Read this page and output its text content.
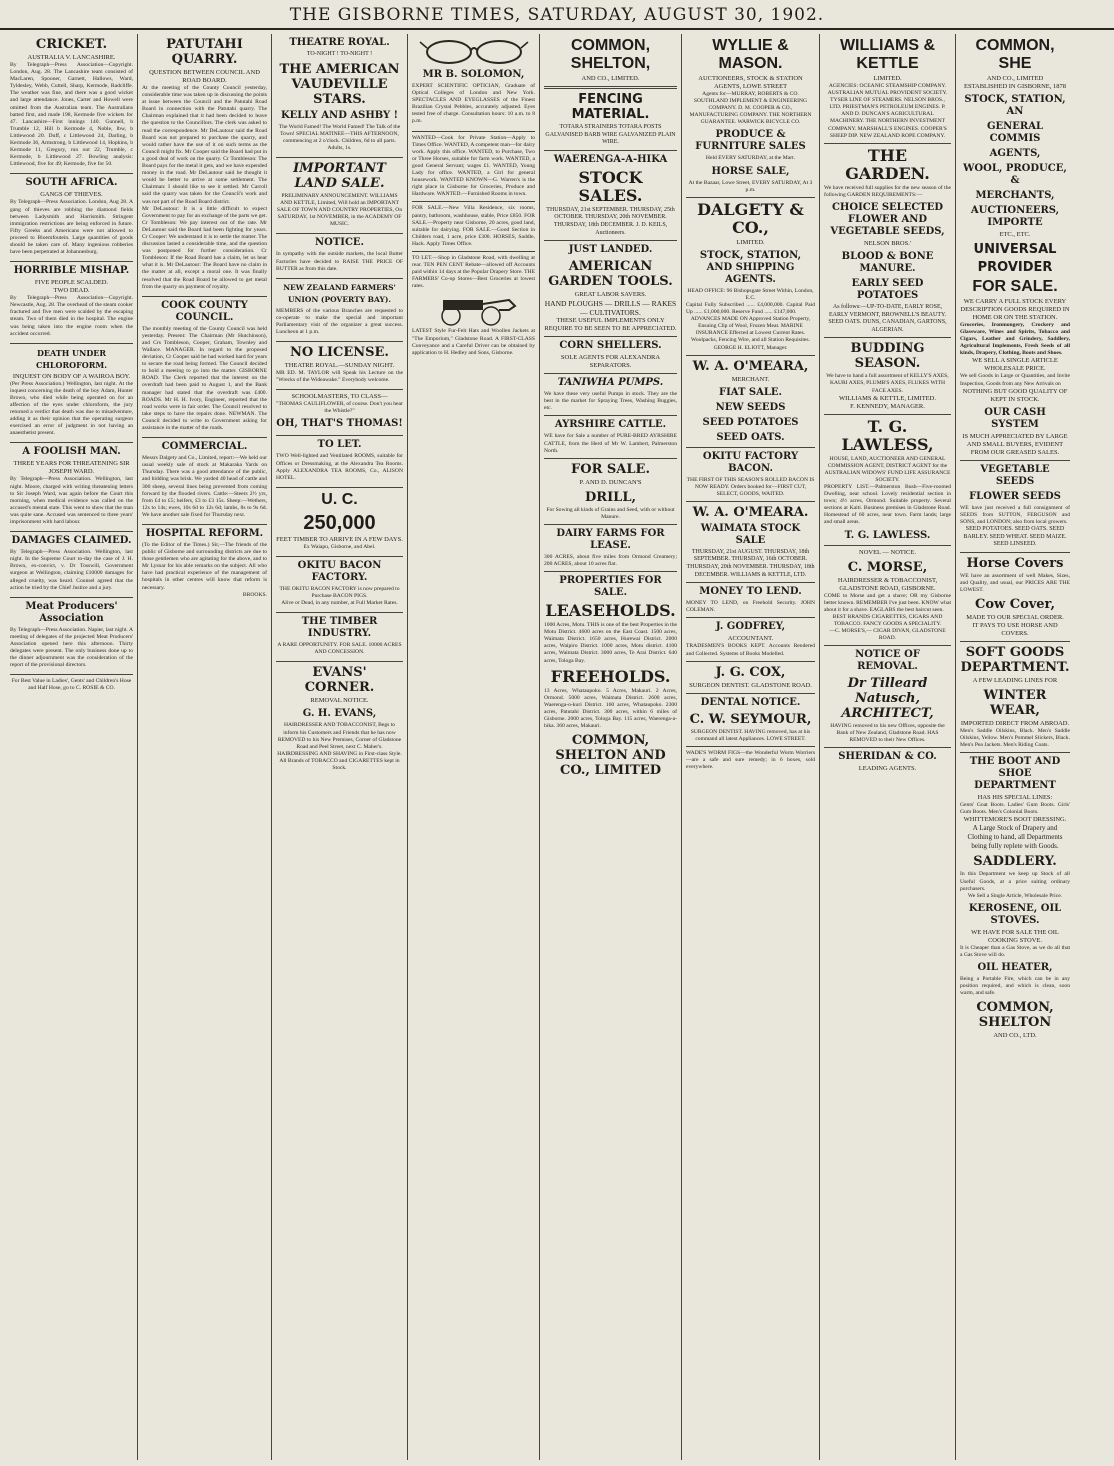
THE GISBORNE TIMES, SATURDAY, AUGUST 30, 1902.
CRICKET.
AUSTRALIA V. LANCASHIRE.
By Telegraph—Press Association—Copyright. London, Aug. 28. The Lancashire team consisted of MacLaren, Spooner, Garnett, Hallows, Ward, Tyldesley, Webb, Cuttell, Sharp, Kermode, Radcliffe. The weather was fine, and there was a good wicket and large attendance. Jones, Carter and Howell were omitted from the Australian team. The Australians batted first, and made 198, Kermode five wickets for 47. Lancashire—First innings 140. Gunnell, b Trumble 12, Hill b Kermode 4, Noble, lbw, b Littlewood 20. Duff, c Littlewood 24, Darling, b Kermode 36, Armstrong, b Littlewood 14, Hopkins, b Kermode 11, Gregory, run out 22, Trumble, c Kermode, b Littlewood 27. Bowling analysis: Littlewood, five for 49; Kermode, five for 50.
SOUTH AFRICA.
GANGS OF THIEVES.
By Telegraph—Press Association. London, Aug 28. A gang of thieves are robbing the diamond fields between Ladysmith and Harrismith. Stringent immigration restrictions are being enforced in future. Fifty Greeks and Americans were not allowed to proceed to Bloemfoutein. Large quantities of goods should be taken care of. Many ingenious robberies have been perpetrated at Johannesburg.
HORRIBLE MISHAP.
FIVE PEOPLE SCALDED.
TWO DEAD.
By Telegraph—Press Association—Copyright. Newcastle, Aug. 28. The overhead of the steam cooker fractured and five men were scalded by the escaping steam. Two of them died in the hospital. The engine was being taken into the engine room when the accident occurred.
DEATH UNDER CHLOROFORM.
INQUEST ON BODY OF A WAIROA BOY.
(Per Press Association.) Wellington, last night. At the inquest concerning the death of the boy Adam, Hunter Brown, who died while being operated on for an affection of the eyes under chloroform, the jury returned a verdict that death was due to misadventure, adding it as their opinion that the operating surgeon exercised an error of judgment in not having an anaesthetist present.
A FOOLISH MAN.
THREE YEARS FOR THREATENING SIR JOSEPH WARD.
By Telegraph—Press Association. Wellington, last night. Moore, charged with writing threatening letters to Sir Joseph Ward, was again before the Court this morning, when medical evidence was called on the accused's mental state. This went to show that the man was quite sane. Accused was sentenced to three years' imprisonment with hard labour.
DAMAGES CLAIMED.
By Telegraph—Press Association. Wellington, last night. In the Supreme Court to-day the case of J. H. Brown, ex-convict, v. Dr Tosswill, Government surgeon at Wellington, claiming £10000 damages for alleged cruelty, was heard. Counsel agreed that the action be tried by the Chief Justice and a jury.
Meat Producers' Association
By Telegraph—Press Association. Napier, last night. A meeting of delegates of the projected Meat Producers' Association opened here this afternoon. Thirty delegates were present. The only business done up to the dinner adjournment was the consideration of the report of the provisional directors.
For Best Value in Ladies', Gents' and Children's Hose and Half Hose, go to C. ROSIE & CO.
PATUTAHI QUARRY.
QUESTION BETWEEN COUNCIL AND ROAD BOARD.
At the meeting of the County Council yesterday, considerable time was taken up in discussing the points at issue between the Council and the Patutahi Road Board in connection with the Patutahi quarry. The Chairman explained that it had been decided to leave the question to the Councillors. The clerk was asked to read the correspondence. Mr DeLautour said the Road Board was not prepared to purchase the quarry, and would rather have the use of it on such terms as the Council might fix. Mr Cooper said the Board had put in a good deal of work on the quarry. Cr Tombleson: The Board pays for the metal it gets, and we have expended money in the road. Mr DeLautour said he thought it would be better to arrive at some settlement. The Chairman: I should like to see it settled. Mr Carroll said the quarry was taken for the Council's work and was not part of the Road Board district.
Mr DeLautour: It is a little difficult to expect Government to pay for an exchange of the parts we get. Cr Tombleson: We pay interest out of the rate. Mr DeLautour said the Board had been fighting for years. Cr Cooper: We understand it is to settle the matter. The discussion lasted a considerable time, and the question was postponed for further consideration. Cr Tombleson: If the Road Board has a claim, let us hear what it is. Mr DeLautour: The Board have no claim in the matter at all, except a moral one. It was finally resolved that the Road Board be allowed to get metal from the quarry on payment of royalty.
COOK COUNTY COUNCIL.
The monthly meeting of the County Council was held yesterday. Present: The Chairman (Mr Hutchinson), and Crs Tombleson, Cooper, Graham, Townley and Wallace. MANAGER. In regard to the proposed deviation, Cr Cooper said he had worked hard for years to secure the road being formed. The Council decided to hold a meeting to go into the matter. GISBORNE ROAD. The Clerk reported that the interest on the overdraft had been paid to August 1, and the Bank manager had stated that the overdraft was £400. ROADS. Mr H. H. Ivory, Engineer, reported that the road works were in fair order. The Council resolved to take steps to have the repairs done. NEWMAN. The Council decided to write to Government asking for assistance in the matter of the roads.
COMMERCIAL.
Messrs Dalgety and Co., Limited, report:—We held our usual weekly sale of stock at Makaraka Yards on Thursday. There was a good attendance of the public, and bidding was brisk. We yarded 40 head of cattle and 300 sheep, several lines being prevented from coming forward by the flooded rivers. Cattle:—Steers 2½ yrs, from £4 to £5; heifers, £3 to £3 15s. Sheep:—Wethers, 12s to 14s; ewes, 10s 6d to 12s 6d; lambs, 8s to 9s 6d. We have another sale fixed for Thursday next.
HOSPITAL REFORM.
(To the Editor of the Times.) Sir,—The friends of the public of Gisborne and surrounding districts are due to those gentlemen who are agitating for the above, and to Mr Lysnar for his able remarks on the subject. All who have had practical experience of the management of hospitals in other centres will know that reform is necessary.
BROOKS.
THEATRE ROYAL.
TO-NIGHT ! TO-NIGHT !
THE AMERICAN VAUDEVILLE STARS.
KELLY AND ASHBY !
The World Famed! The World Famed! The Talk of the Town! SPECIAL MATINEE—THIS AFTERNOON, commencing at 2 o'clock. Children, 6d to all parts. Adults, 1s.
IMPORTANT LAND SALE.
PRELIMINARY ANNOUNCEMENT. WILLIAMS AND KETTLE, Limited, Will hold an IMPORTANT SALE OF TOWN AND COUNTRY PROPERTIES, On SATURDAY, 1st NOVEMBER, in the ACADEMY OF MUSIC.
NOTICE.
In sympathy with the outside markets, the local Butter Factories have decided to RAISE THE PRICE OF BUTTER as from this date.
NEW ZEALAND FARMERS' UNION (POVERTY BAY).
MEMBERS of the various Branches are requested to co-operate to make the special and important Parliamentary visit of the organizer a great success. Luncheon at 1 p.m.
NO LICENSE.
THEATRE ROYAL.—SUNDAY NIGHT.
MR ED. M. TAYLOR will Speak his Lecture on the "Wrecks of the Wideawake." Everybody welcome.
SCHOOLMASTERS, TO CLASS—
"THOMAS CAULIFLOWER, of course. Don't you hear the Whistle?"
OH, THAT'S THOMAS!
TO LET.
TWO Well-lighted and Ventilated ROOMS, suitable for Offices or Dressmaking, at the Alexandra Tea Rooms. Apply ALEXANDRA TEA ROOMS, Co., ALISON HOTEL.
U. C.
250,000
FEET TIMBER TO ARRIVE IN A FEW DAYS.
Ex Waiapu, Gisborne, and Abel.
OKITU BACON FACTORY.
THE OKITU BACON FACTORY is now prepared to Purchase BACON PIGS.
Alive or Dead, in any number, at Full Market Rates.
THE TIMBER INDUSTRY.
A RARE OPPORTUNITY. FOR SALE. 10000 ACRES AND CONCESSION.
EVANS' CORNER.
REMOVAL NOTICE.
G. H. EVANS,
HAIRDRESSER AND TOBACCONIST, Begs to inform his Customers and Friends that he has now REMOVED to his New Premises, Corner of Gladstone Road and Peel Street, next C. Maher's. HAIRDRESSING AND SHAVING in First-class Style. All Brands of TOBACCO and CIGARETTES kept in Stock.
MR B. SOLOMON,
EXPERT SCIENTIFIC OPTICIAN, Graduate of Optical Colleges of London and New York. SPECTACLES AND EYEGLASSES of the Finest Brazilian Crystal Pebbles, accurately adjusted. Eyes tested free of charge. Consultation hours: 10 a.m. to 8 p.m.
WANTED—Cook for Private Station—Apply to Times Office. WANTED, A competent man—for dairy work. Apply this office. WANTED, to Purchase, Two or Three Horses, suitable for farm work. WANTED, a good General Servant; wages £1. WANTED, Young Lady for office. WANTED, a Girl for general housework. WANTED KNOWN—G. Warren's is the right place in Gisborne for Groceries, Produce and Hardware. WANTED.—Furnished Rooms in town.
FOR SALE.—New Villa Residence, six rooms, pantry, bathroom, washhouse, stable, Price £850. FOR SALE.—Property near Gisborne, 20 acres, good land, suitable for dairying. FOR SALE.—Good Section in Childers road, 1 acre, price £300. HORSES, Saddle, Hack. Apply Times Office.
TO LET.—Shop in Gladstone Road, with dwelling at rear. TEN PEN CENT Rebate—allowed off Accounts paid within 14 days at the Popular Drapery Store. THE FARMERS' Co-op Stores—Best Groceries at lowest rates.
LATEST Style Fur-Felt Hats and Woollen Jackets at "The Emporium," Gladstone Road. A FIRST-CLASS Conveyance and a Careful Driver can be obtained by application to H. Hedley and Sons, Gisborne.
COMMON, SHELTON,
AND CO., LIMITED.
FENCING MATERIAL.
TOTARA STRAINERS TOTARA POSTS GALVANISED BARB WIRE GALVANIZED PLAIN WIRE.
WAERENGA-A-HIKA
STOCK SALES.
THURSDAY, 21st SEPTEMBER. THURSDAY, 25th OCTOBER. THURSDAY, 20th NOVEMBER. THURSDAY, 18th DECEMBER. J. D. KEILS, Auctioneers.
JUST LANDED.
AMERICAN GARDEN TOOLS.
GREAT LABOR SAVERS.
HAND PLOUGHS — DRILLS — RAKES — CULTIVATORS.
THESE USEFUL IMPLEMENTS ONLY REQUIRE TO BE SEEN TO BE APPRECIATED.
CORN SHELLERS.
SOLE AGENTS FOR ALEXANDRA SEPARATORS.
TANIWHA PUMPS.
We have these very useful Pumps in stock. They are the best in the market for Spraying Trees, Washing Buggies, etc.
AYRSHIRE CATTLE.
WE have for Sale a number of PURE-BRED AYRSHIRE CATTLE, from the Herd of Mr W. Lambert, Palmerston North.
FOR SALE.
P. AND D. DUNCAN'S
DRILL,
For Sowing all kinds of Grains and Seed, with or without Manure.
DAIRY FARMS FOR LEASE.
300 ACRES, about five miles from Ormond Creamery; 200 ACRES, about 10 acres flat.
PROPERTIES FOR SALE.
LEASEHOLDS.
1000 Acres, Motu. THIS is one of the best Properties in the Motu District. 4600 acres on the East Coast. 1500 acres, Waimata District. 1650 acres, Hurewai District. 2000 acres, Waipiro District. 1000 acres, Motu district. 4100 acres, Waimata District. 3000 acres, Te Arai District. 640 acres, Tologa Bay.
FREEHOLDS.
13 Acres, Whataupoko. 5 Acres, Makauri. 2 Acres, Ormond. 5000 acres, Waimata District. 2600 acres, Waerenga-o-kuri District. 160 acres, Whataupoko. 2300 acres, Patutahi District. 300 acres, within 6 miles of Gisborne. 2000 acres, Tologa Bay. 115 acres, Waerenga-a-hika. 360 acres, Makauri.
COMMON, SHELTON AND CO., LIMITED
WYLLIE & MASON.
AUCTIONEERS, STOCK & STATION AGENTS, LOWE STREET
Agents for—MURRAY, ROBERTS & CO. SOUTHLAND IMPLEMENT & ENGINEERING COMPANY. D. M. COOPER & CO., MANUFACTURING COMPANY. THE NORTHERN GUARANTEE. WARWICK BICYCLE CO.
PRODUCE & FURNITURE SALES
Held EVERY SATURDAY, at the Mart.
HORSE SALE,
At the Bazaar, Lowe Street, EVERY SATURDAY, At 3 p.m.
DALGETY & CO.,
LIMITED.
STOCK, STATION, AND SHIPPING AGENTS.
HEAD OFFICE: 96 Bishopsgate Street Within, London, E.C.
Capital Fully Subscribed ...... £4,000,000. Capital Paid Up ...... £1,000,000. Reserve Fund ...... £147,000.
ADVANCES MADE ON Approved Station Property, Ensuing Clip of Wool, Frozen Meat. MARINE INSURANCE Effected at Lowest Current Rates.
Woolpacks, Fencing Wire, and all Station Requisites.
GEORGE H. ELIOTT, Manager.
W. A. O'MEARA,
MERCHANT.
FIAT SALE.
NEW SEEDS
SEED POTATOES
SEED OATS.
OKITU FACTORY BACON.
THE FIRST OF THIS SEASON'S ROLLED BACON IS NOW READY. Orders booked for—FIRST CUT, SELECT, GOODS, WAITED.
W. A. O'MEARA.
WAIMATA STOCK SALE
THURSDAY, 21st AUGUST. THURSDAY, 18th SEPTEMBER. THURSDAY, 16th OCTOBER. THURSDAY, 20th NOVEMBER. THURSDAY, 18th DECEMBER. WILLIAMS & KETTLE, LTD.
MONEY TO LEND.
MONEY TO LEND, on Freehold Security. JOHN COLEMAN.
J. GODFREY,
ACCOUNTANT.
TRADESMEN'S BOOKS KEPT. Accounts Rendered and Collected. Systems of Books Modelled.
J. G. COX,
SURGEON DENTIST. GLADSTONE ROAD.
DENTAL NOTICE.
C. W. SEYMOUR,
SURGEON DENTIST. HAVING removed, has at his command all latest Appliances. LOWE STREET.
WADE'S WORM FIGS—the Wonderful Worm Worriers—are a safe and sure remedy; in 6 boxes, sold everywhere.
WILLIAMS & KETTLE
LIMITED.
AGENCIES: OCEANIC STEAMSHIP COMPANY. AUSTRALIAN MUTUAL PROVIDENT SOCIETY. TYSER LINE OF STEAMERS. NELSON BROS., LTD. PRIESTMAN'S PETROLEUM ENGINES. P. AND D. DUNCAN'S AGRICULTURAL MACHINERY. THE NORTHERN INVESTMENT COMPANY. MARSHALL'S ENGINES. COOPER'S SHEEP DIP. NEW ZEALAND ROPE COMPANY.
THE GARDEN.
We have received full supplies for the new season of the following GARDEN REQUIREMENTS:—
CHOICE SELECTED FLOWER AND VEGETABLE SEEDS,
NELSON BROS.'
BLOOD & BONE MANURE.
EARLY SEED POTATOES
As follows:—UP-TO-DATE, EARLY ROSE, EARLY VERMONT, BROWNELL'S BEAUTY. SEED OATS. DUNS, CANADIAN, GARTONS, ALGERIAN.
BUDDING SEASON.
We have to hand a full assortment of KELLY'S AXES, KAURI AXES, PLUMB'S AXES, FLUKES WITH FACE AXES.
WILLIAMS & KETTLE, LIMITED.
F. KENNEDY, MANAGER.
T. G. LAWLESS,
HOUSE, LAND, AUCTIONEER AND GENERAL COMMISSION AGENT, DISTRICT AGENT for the AUSTRALIAN WIDOWS' FUND LIFE ASSURANCE SOCIETY.
PROPERTY LIST.—Palmerston Bush—Five-roomed Dwelling, near school. Lovely residential section in town; 4½ acres, Ormond. Suitable property. Several sections at Kaiti. Business premises in Gladstone Road. Homestead of 60 acres, near town. Farm lands; large and small areas.
T. G. LAWLESS.
NOVEL — NOTICE.
C. MORSE,
HAIRDRESSER & TOBACCONIST, GLADSTONE ROAD, GISBORNE.
COME to Morse and get a shave; OR my Gisborne better known. REMEMBER I've just been. KNOW what about it for a shave. EAGLABS the best haircut seen.
BEST BRANDS CIGARETTES, CIGARS AND TOBACCO. FANCY GOODS A SPECIALITY.
—C. MORSE'S,— CIGAR DIVAN, GLADSTONE ROAD.
NOTICE OF REMOVAL.
Dr Tilleard Natusch, ARCHITECT,
HAVING removed to his new Offices, opposite the Bank of New Zealand, Gladstone Road. HAS REMOVED to their New Offices.
SHERIDAN & CO.
LEADING AGENTS.
COMMON, SHE
AND CO., LIMITED
ESTABLISHED IN GISBORNE, 1878
STOCK, STATION, AN
GENERAL COMMIS
AGENTS,
WOOL, PRODUCE, &
MERCHANTS,
AUCTIONEERS, IMPORTE
ETC., ETC.
UNIVERSAL
PROVIDER
FOR SALE.
WE CARRY A FULL STOCK EVERY DESCRIPTION GOODS REQUIRED IN HOME OR ON THE STATION.
Groceries, Ironmongery, Crockery and Glassware, Wines and Spirits, Tobacco and Cigars, Leather and Grindery, Saddlery, Agricultural Implements, Fresh Seeds of all kinds, Drapery, Clothing, Boots and Shoes.
WE SELL A SINGLE ARTICLE WHOLESALE PRICE.
We sell Goods in Large or Quantities, and Invite Inspection, Goods from any New Arrivals on
NOTHING BUT GOOD QUALITY OF KEPT IN STOCK.
OUR CASH SYSTEM
IS MUCH APPRECIATED BY LARGE AND SMALL BUYERS, EVIDENT FROM OUR GREASED SALES.
VEGETABLE SEEDS
FLOWER SEEDS
WE have just received a full consignment of SEEDS from SUTTON, FERGUSON and SONS, and LONDON; also from local growers.
SEED POTATOES. SEED OATS. SEED BARLEY. SEED WHEAT. SEED MAIZE. SEED LINSEED.
Horse Covers
WE have an assortment of well Makes, Sizes, and Quality, and usual, our PRICES ARE THE LOWEST.
Cow Cover,
MADE TO OUR SPECIAL ORDER.
IT PAYS TO USE HORSE AND COVERS.
SOFT GOODS DEPARTMENT.
A FEW LEADING LINES FOR
WINTER WEAR,
IMPORTED DIRECT FROM ABROAD.
Men's Saddle Oilskins, Black. Men's Saddle Oilskins, Yellow. Men's Pommel Slickers, Black. Men's Pea Jackets. Men's Riding Coats.
THE BOOT AND SHOE DEPARTMENT
HAS HIS SPECIAL LINES:
Gents' Goat Boots. Ladies' Gum Boots. Girls' Gum Boots. Men's Colonial Boots.
WHITTEMORE'S BOOT DRESSING.
A Large Stock of Drapery and Clothing to hand, all Departments being fully replete with Goods.
SADDLERY.
In this Department we keep up Stock of all Useful Goods, at a price suiting ordinary purchasers.
We Sell a Single Article, Wholesale Price.
KEROSENE, OIL STOVES.
WE HAVE FOR SALE THE OIL COOKING STOVE.
It is Cheaper than a Gas Stove, as we do all that a Gas Stove will do.
OIL HEATER,
Being a Portable Fire, which can be in any position required, and which is clean, soon warm, and safe.
COMMON, SHELTON
AND CO., LTD.
